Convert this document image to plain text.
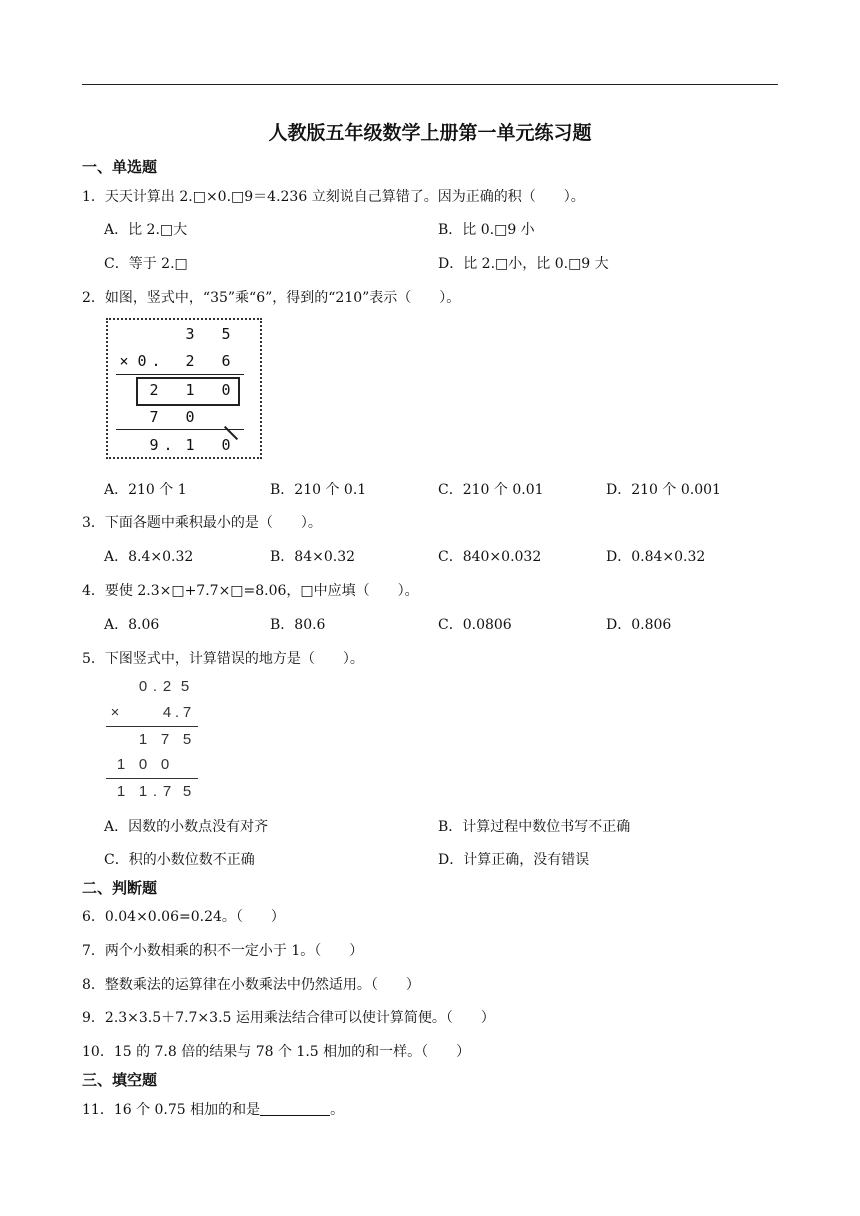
人教版五年级数学上册第一单元练习题
一、单选题
1．天天计算出 2.□×0.□9＝4.236 立刻说自己算错了。因为正确的积（　　）。
A．比 2.□大	B．比 0.□9 小
C．等于 2.□	D．比 2.□小，比 0.□9 大
2．如图，竖式中，“35”乘“6”，得到的“210”表示（　　）。
3 5
× 0 . 2 6
2 1 0
7 0
9 . 1 0
A．210 个 1	B．210 个 0.1	C．210 个 0.01	D．210 个 0.001
3．下面各题中乘积最小的是（　　）。
A．8.4×0.32	B．84×0.32	C．840×0.032	D．0.84×0.32
4．要使 2.3×□+7.7×□=8.06，□中应填（　　）。
A．8.06	B．80.6	C．0.0806	D．0.806
5．下图竖式中，计算错误的地方是（　　）。
0 . 2 5
×	4 . 7
1 7 5
1 0 0
1 1 . 7 5
A．因数的小数点没有对齐	B．计算过程中数位书写不正确
C．积的小数位数不正确	D．计算正确，没有错误
二、判断题
6．0.04×0.06=0.24。（　　）
7．两个小数相乘的积不一定小于 1。（　　）
8．整数乘法的运算律在小数乘法中仍然适用。（　　）
9．2.3×3.5＋7.7×3.5 运用乘法结合律可以使计算简便。（　　）
10．15 的 7.8 倍的结果与 78 个 1.5 相加的和一样。（　　）
三、填空题
11．16 个 0.75 相加的和是	。
